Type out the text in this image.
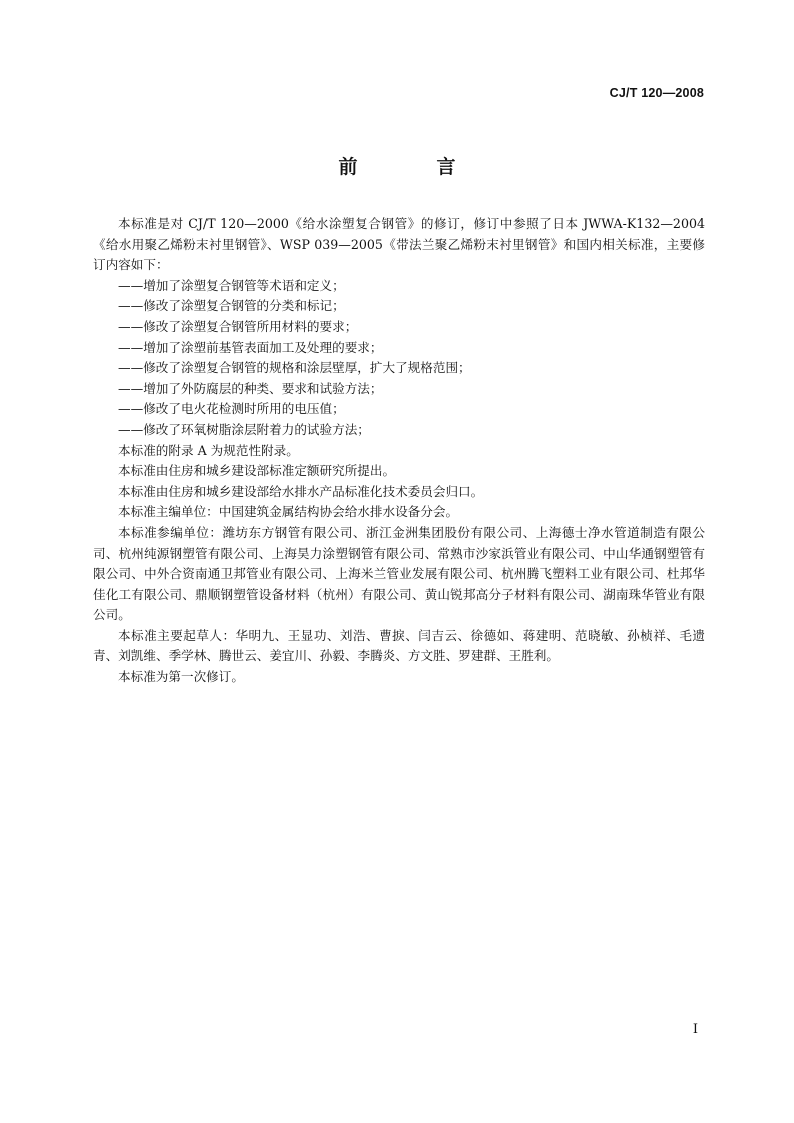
CJ/T 120—2008
前　言

本标准是对 CJ/T 120—2000《给水涂塑复合钢管》的修订，修订中参照了日本 JWWA-K132—2004《给水用聚乙烯粉末衬里钢管》、WSP 039—2005《带法兰聚乙烯粉末衬里钢管》和国内相关标准，主要修订内容如下：

——增加了涂塑复合钢管等术语和定义；
——修改了涂塑复合钢管的分类和标记；
——修改了涂塑复合钢管所用材料的要求；
——增加了涂塑前基管表面加工及处理的要求；
——修改了涂塑复合钢管的规格和涂层壁厚，扩大了规格范围；
——增加了外防腐层的种类、要求和试验方法；
——修改了电火花检测时所用的电压值；
——修改了环氧树脂涂层附着力的试验方法；

本标准的附录 A 为规范性附录。

本标准由住房和城乡建设部标准定额研究所提出。

本标准由住房和城乡建设部给水排水产品标准化技术委员会归口。

本标准主编单位：中国建筑金属结构协会给水排水设备分会。

本标准参编单位：潍坊东方钢管有限公司、浙江金洲集团股份有限公司、上海德士净水管道制造有限公司、杭州纯源钢塑管有限公司、上海昊力涂塑钢管有限公司、常熟市沙家浜管业有限公司、中山华通钢塑管有限公司、中外合资南通卫邦管业有限公司、上海米兰管业发展有限公司、杭州腾飞塑料工业有限公司、杜邦华佳化工有限公司、鼎顺钢塑管设备材料（杭州）有限公司、黄山锐邦高分子材料有限公司、湖南珠华管业有限公司。

本标准主要起草人：华明九、王显功、刘浩、曹捩、闫吉云、徐德如、蒋建明、范晓敏、孙桢祥、毛遗青、刘凯维、季学林、腾世云、姜宜川、孙毅、李腾炎、方文胜、罗建群、王胜利。

本标准为第一次修订。

I
